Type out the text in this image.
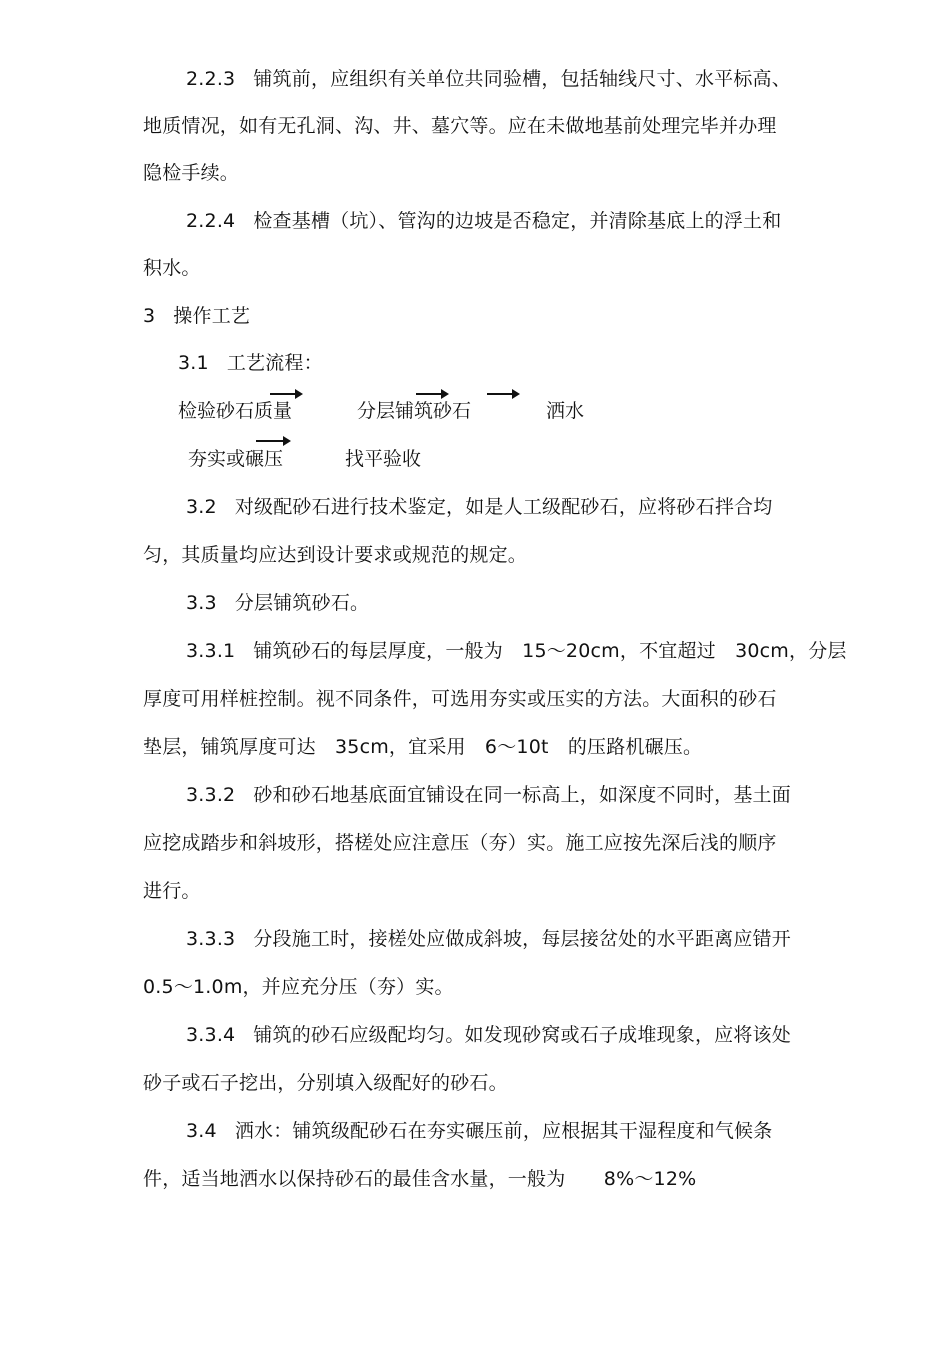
2.2.3 铺筑前，应组织有关单位共同验槽，包括轴线尺寸、水平标高、
地质情况，如有无孔洞、沟、井、墓穴等。应在未做地基前处理完毕并办理
隐检手续。
2.2.4 检查基槽（坑）、管沟的边坡是否稳定，并清除基底上的浮土和
积水。
3 操作工艺
3.1 工艺流程：
检验砂石质量	分层铺筑砂石	洒水
夯实或碾压	找平验收
3.2 对级配砂石进行技术鉴定，如是人工级配砂石，应将砂石拌合均
匀，其质量均应达到设计要求或规范的规定。
3.3 分层铺筑砂石。
3.3.1 铺筑砂石的每层厚度，一般为　15～20cm，不宜超过　30cm，分层
厚度可用样桩控制。视不同条件，可选用夯实或压实的方法。大面积的砂石
垫层，铺筑厚度可达　35cm，宜采用　6～10t　的压路机碾压。
3.3.2 砂和砂石地基底面宜铺设在同一标高上，如深度不同时，基土面
应挖成踏步和斜坡形，搭槎处应注意压（夯）实。施工应按先深后浅的顺序
进行。
3.3.3 分段施工时，接槎处应做成斜坡，每层接岔处的水平距离应错开
0.5～1.0m，并应充分压（夯）实。
3.3.4 铺筑的砂石应级配均匀。如发现砂窝或石子成堆现象，应将该处
砂子或石子挖出，分别填入级配好的砂石。
3.4 洒水：铺筑级配砂石在夯实碾压前，应根据其干湿程度和气候条
件，适当地洒水以保持砂石的最佳含水量，一般为　　8%～12%
